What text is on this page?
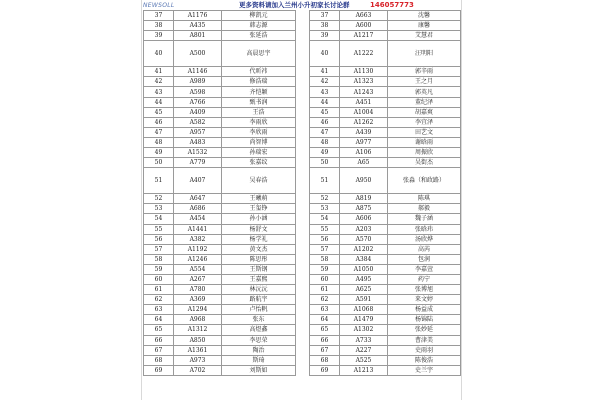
NEWSOLL	更多资料请加入兰州小升初家长讨论群	146057773
37	A1176	柳凯元
38	A435	韩志源
39	A801	张延浩
40	A500	高晨思宇
41	A1146	代昕祎
42	A989	修浩瑞
43	A598	齐恺颖
44	A766	甄书润
45	A409	王浩
46	A582	李雨欣
47	A957	李欣雨
48	A483	尚智博
49	A1532	孙瑞宏
50	A779	张嘉纹
51	A407	吴春浩
52	A647	王曦萌
53	A686	王玺铮
54	A454	孙小涵
55	A1441	杨舒文
56	A382	杨学礼
57	A1192	黄文杰
58	A1246	陈思彤
59	A554	王斯钢
60	A267	王嘉熙
61	A780	林沅沅
62	A369	路航宇
63	A1294	卢怡帆
64	A968	张东
65	A1312	高煜鑫
66	A850	李思荣
67	A1361	陶治
68	A973	斯琦
69	A702	刘斯如
37	A663	沈馨
38	A600	康馨
39	A1217	艾慧君
40	A1222	汪明阳
41	A1130	郭辛雨
42	A1323	王之月
43	A1243	郭英凡
44	A451	董纪泽
45	A1004	胡嘉爽
46	A1262	李宜泽
47	A439	田艺文
48	A977	谢晗雨
49	A106	周振欣
50	A65	吴街杰
51	A950	张淼（和政路）
52	A819	陈琪
53	A875	郝毅
54	A606	魏子涵
55	A203	张晗玮
56	A570	汤欣烨
57	A1202	高芮
58	A384	包润
59	A1050	李嘉萱
60	A495	药宁
61	A625	张博旭
62	A591	来文婷
63	A1068	杨益成
64	A1479	杨锦陆
65	A1302	张妙延
66	A733	曹津美
67	A227	史雨羽
68	A525	陈俊浩
69	A1213	史兰宇
